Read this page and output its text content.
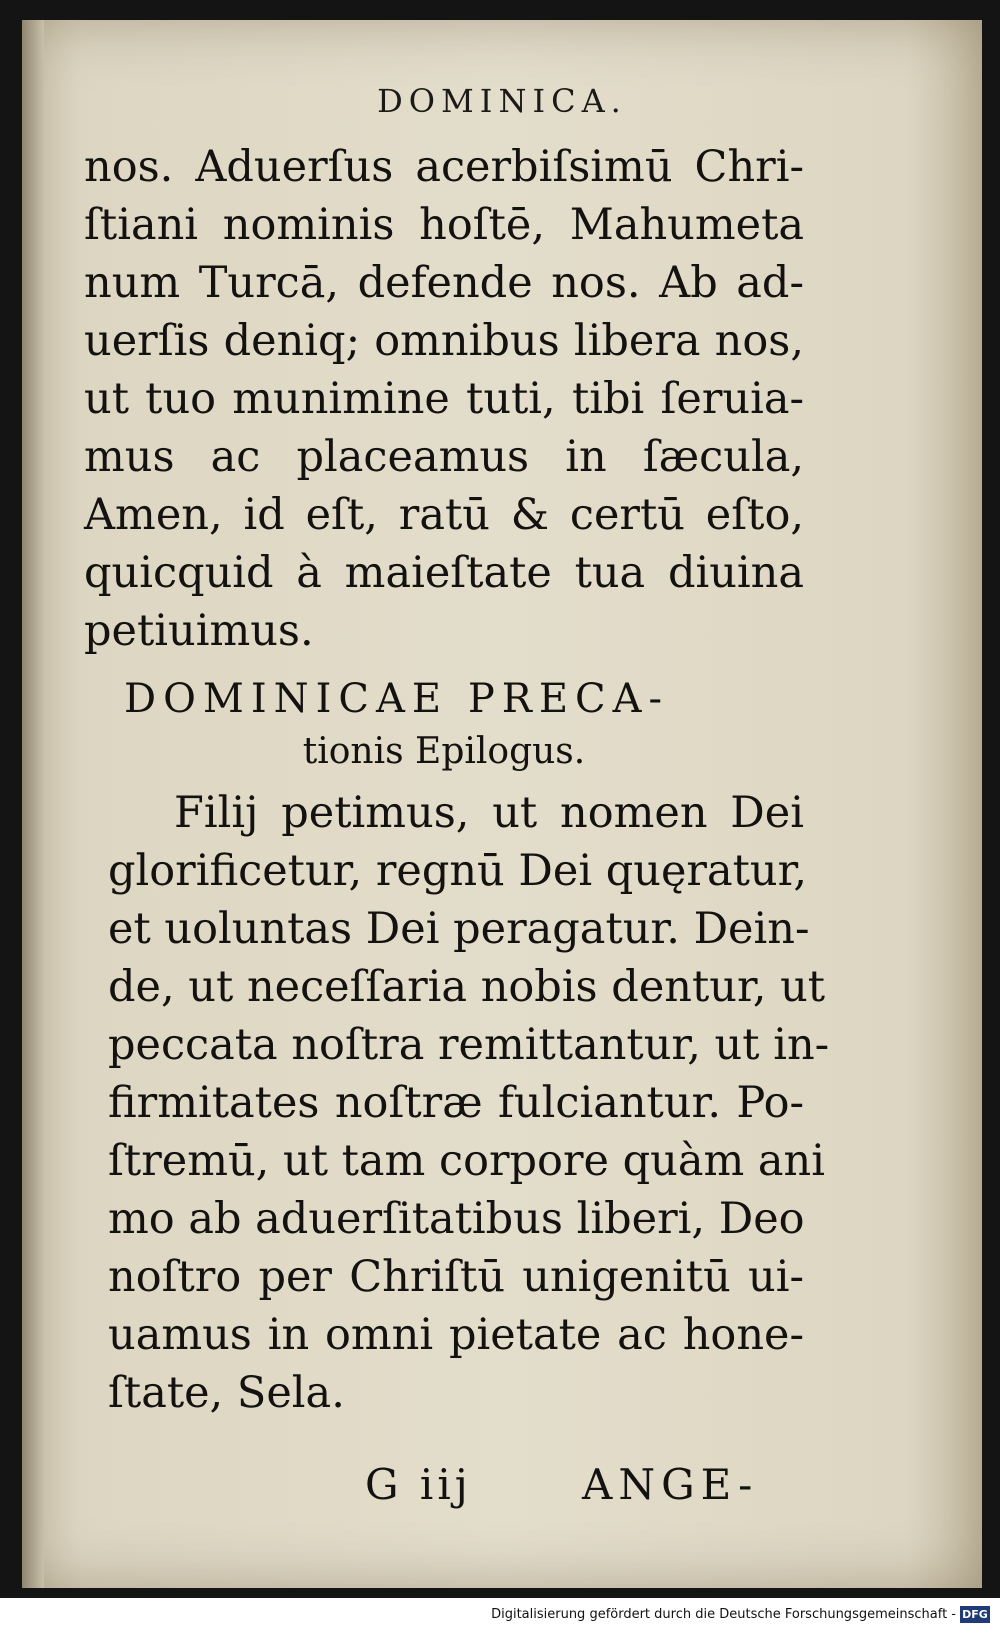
DOMINICA.

nos. Aduerſus acerbiſsimū Chri-

ſtiani nominis hoſtē, Mahumeta

num Turcā, defende nos. Ab ad-

uerſis deniq; omnibus libera nos,

ut tuo munimine tuti, tibi ſeruia-

mus ac placeamus in ſæcula,

Amen, id eſt, ratū & certū eſto,

quicquid à maieſtate tua diuina

petiuimus.

DOMINICAE PRECA-
tionis Epilogus.

Filij petimus, ut nomen Dei

glorificetur, regnū Dei quęratur,

et uoluntas Dei peragatur. Dein-

de, ut neceſſaria nobis dentur, ut

peccata noſtra remittantur, ut in-

firmitates noſtræ fulciantur. Po-

ſtremū, ut tam corpore quàm ani

mo ab aduerſitatibus liberi, Deo

noſtro per Chriſtū unigenitū ui-

uamus in omni pietate ac hone-

ſtate, Sela.

G iij	ANGE-
Digitalisierung gefördert durch die Deutsche Forschungsgemeinschaft - DFG
